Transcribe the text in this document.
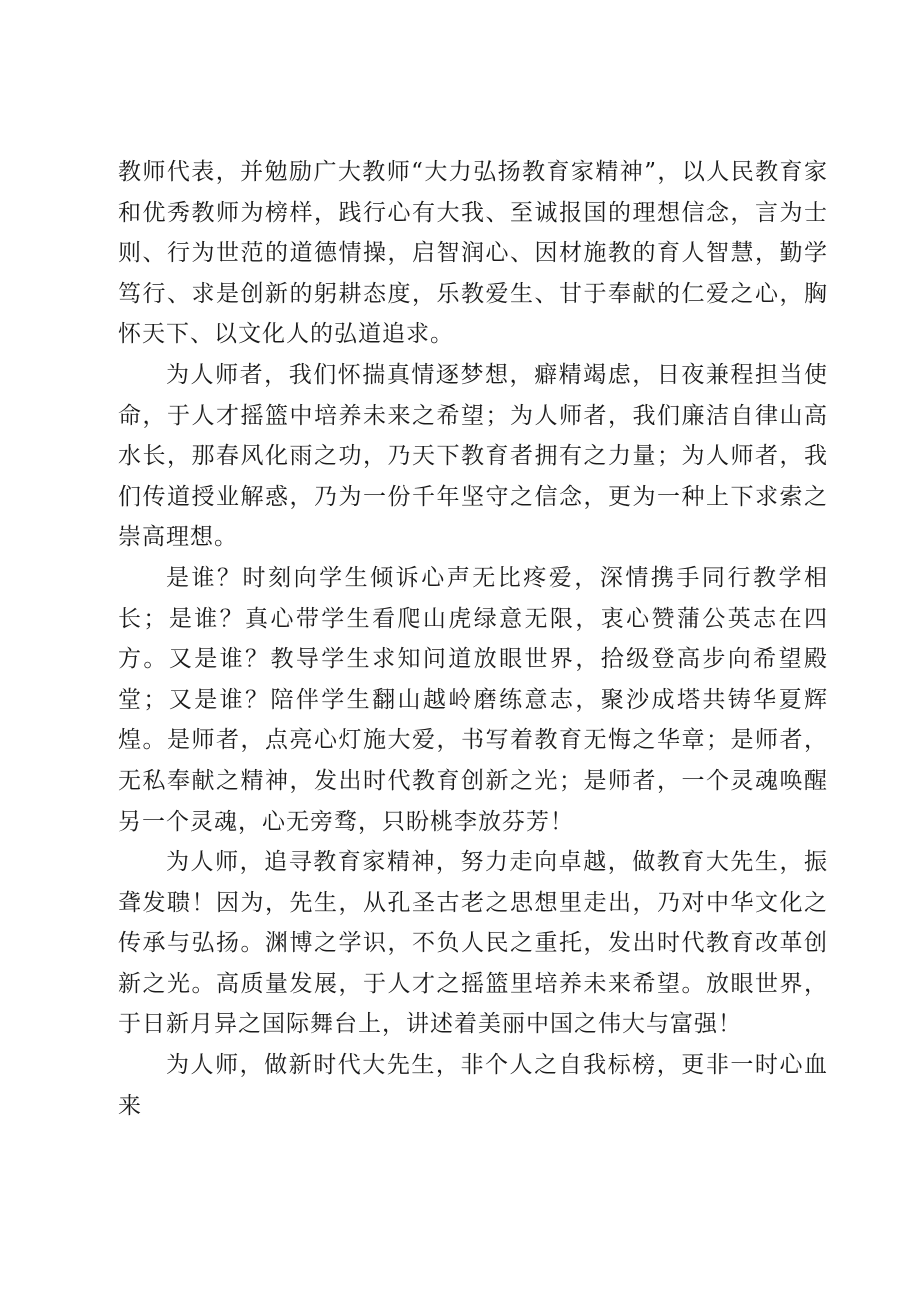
教师代表，并勉励广大教师“大力弘扬教育家精神”，以人民教育家和优秀教师为榜样，践行心有大我、至诚报国的理想信念，言为士则、行为世范的道德情操，启智润心、因材施教的育人智慧，勤学笃行、求是创新的躬耕态度，乐教爱生、甘于奉献的仁爱之心，胸怀天下、以文化人的弘道追求。

为人师者，我们怀揣真情逐梦想，癖精竭虑，日夜兼程担当使命，于人才摇篮中培养未来之希望；为人师者，我们廉洁自律山高水长，那春风化雨之功，乃天下教育者拥有之力量；为人师者，我们传道授业解惑，乃为一份千年坚守之信念，更为一种上下求索之崇高理想。

是谁？时刻向学生倾诉心声无比疼爱，深情携手同行教学相长；是谁？真心带学生看爬山虎绿意无限，衷心赞蒲公英志在四方。又是谁？教导学生求知问道放眼世界，拾级登高步向希望殿堂；又是谁？陪伴学生翻山越岭磨练意志，聚沙成塔共铸华夏辉煌。是师者，点亮心灯施大爱，书写着教育无悔之华章；是师者，无私奉献之精神，发出时代教育创新之光；是师者，一个灵魂唤醒另一个灵魂，心无旁骛，只盼桃李放芬芳！

为人师，追寻教育家精神，努力走向卓越，做教育大先生，振聋发聩！因为，先生，从孔圣古老之思想里走出，乃对中华文化之传承与弘扬。渊博之学识，不负人民之重托，发出时代教育改革创新之光。高质量发展，于人才之摇篮里培养未来希望。放眼世界，于日新月异之国际舞台上，讲述着美丽中国之伟大与富强！

为人师，做新时代大先生，非个人之自我标榜，更非一时心血来
